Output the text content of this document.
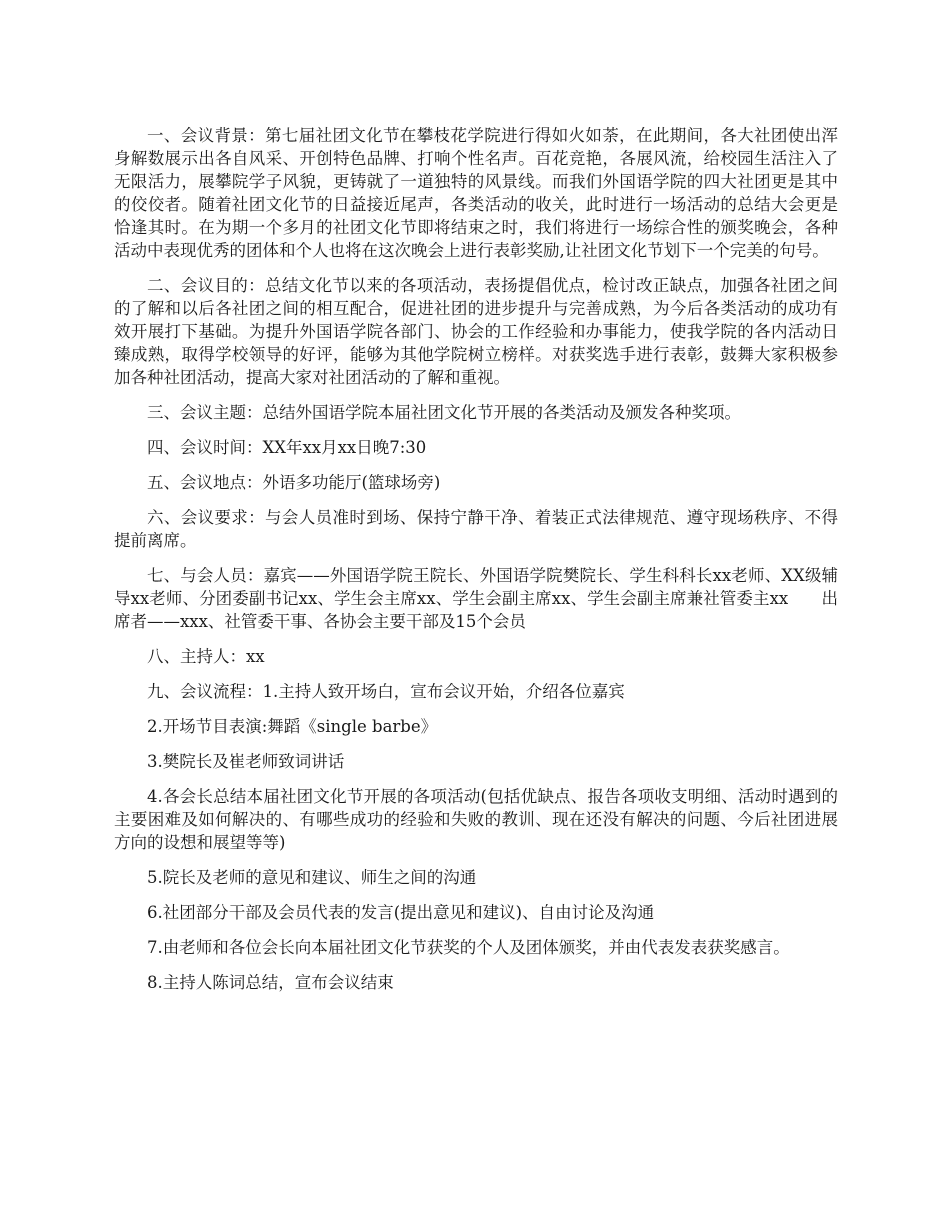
一、会议背景：第七届社团文化节在攀枝花学院进行得如火如荼，在此期间，各大社团使出浑身解数展示出各自风采、开创特色品牌、打响个性名声。百花竞艳，各展风流，给校园生活注入了无限活力，展攀院学子风貌，更铸就了一道独特的风景线。而我们外国语学院的四大社团更是其中的佼佼者。随着社团文化节的日益接近尾声，各类活动的收关，此时进行一场活动的总结大会更是恰逢其时。在为期一个多月的社团文化节即将结束之时，我们将进行一场综合性的颁奖晚会，各种活动中表现优秀的团体和个人也将在这次晚会上进行表彰奖励,让社团文化节划下一个完美的句号。

二、会议目的：总结文化节以来的各项活动，表扬提倡优点，检讨改正缺点，加强各社团之间的了解和以后各社团之间的相互配合，促进社团的进步提升与完善成熟，为今后各类活动的成功有效开展打下基础。为提升外国语学院各部门、协会的工作经验和办事能力，使我学院的各内活动日臻成熟，取得学校领导的好评，能够为其他学院树立榜样。对获奖选手进行表彰，鼓舞大家积极参加各种社团活动，提高大家对社团活动的了解和重视。

三、会议主题：总结外国语学院本届社团文化节开展的各类活动及颁发各种奖项。

四、会议时间：XX年xx月xx日晚7:30

五、会议地点：外语多功能厅(篮球场旁)

六、会议要求：与会人员准时到场、保持宁静干净、着装正式法律规范、遵守现场秩序、不得提前离席。

七、与会人员：嘉宾——外国语学院王院长、外国语学院樊院长、学生科科长xx老师、XX级辅导xx老师、分团委副书记xx、学生会主席xx、学生会副主席xx、学生会副主席兼社管委主xx　　出席者——xxx、社管委干事、各协会主要干部及15个会员

八、主持人：xx

九、会议流程：1.主持人致开场白，宣布会议开始，介绍各位嘉宾

2.开场节目表演:舞蹈《single barbe》

3.樊院长及崔老师致词讲话

4.各会长总结本届社团文化节开展的各项活动(包括优缺点、报告各项收支明细、活动时遇到的主要困难及如何解决的、有哪些成功的经验和失败的教训、现在还没有解决的问题、今后社团进展方向的设想和展望等等)

5.院长及老师的意见和建议、师生之间的沟通

6.社团部分干部及会员代表的发言(提出意见和建议)、自由讨论及沟通

7.由老师和各位会长向本届社团文化节获奖的个人及团体颁奖，并由代表发表获奖感言。

8.主持人陈词总结，宣布会议结束
